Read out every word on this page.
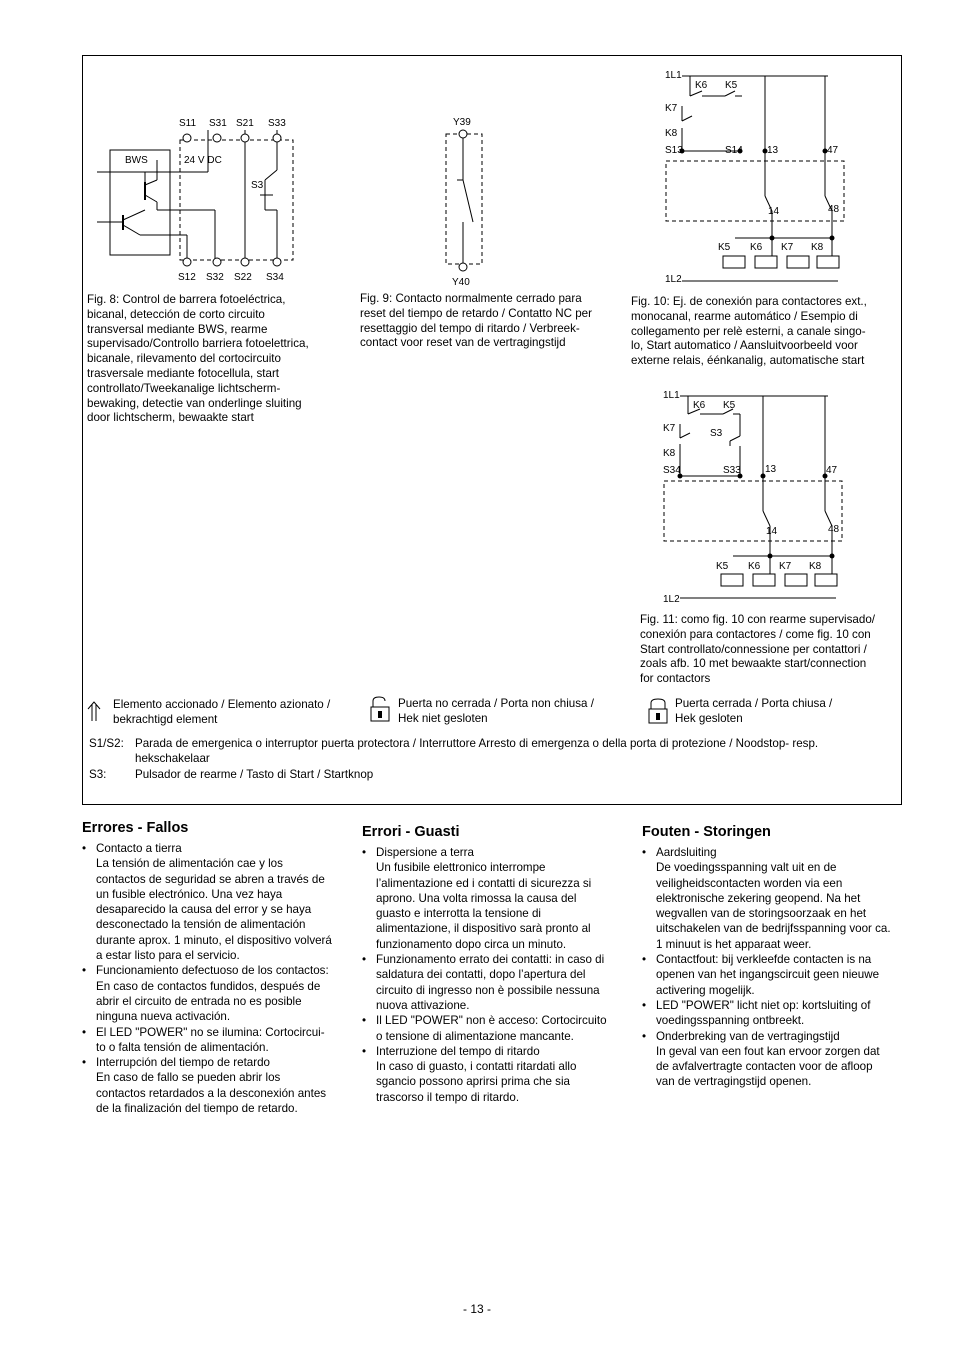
S11 S31 S21 S33
S12 S32 S22 S34
BWS	24 V DC
S3
Y39
Y40
1L1
1L2
K6 K5
K7
K8
S13	S14 13	47
14	48
K5 K6 K7 K8
1L1
1L2
K6 K5
S3
K7
K8
S34	S33 13	47
14	48
K5 K6 K7 K8
Fig. 8: Control de barrera fotoeléctrica,
bicanal, detección de corto circuito
transversal mediante BWS, rearme
supervisado/Controllo barriera fotoelettrica,
bicanale, rilevamento del cortocircuito
trasversale mediante fotocellula, start
controllato/Tweekanalige lichtscherm-
bewaking, detectie van onderlinge sluiting
door lichtscherm, bewaakte start
Fig. 9: Contacto normalmente cerrado para
reset del tiempo de retardo / Contatto NC per
resettaggio del tempo di ritardo / Verbreek-
contact voor reset van de vertragingstijd
Fig. 10: Ej. de conexión para contactores ext.,
monocanal, rearme automático / Esempio di
collegamento per relè esterni, a canale singo-
lo, Start automatico / Aansluitvoorbeeld voor
externe relais, éénkanalig, automatische start
Fig. 11: como fig. 10 con rearme supervisado/
conexión para contactores / come fig. 10 con
Start controllato/connessione per contattori /
zoals afb. 10 met bewaakte start/connection
for contactors
Elemento accionado / Elemento azionato /
bekrachtigd element
Puerta no cerrada / Porta non chiusa /
Hek niet gesloten
Puerta cerrada / Porta chiusa /
Hek gesloten
S1/S2: Parada de emergenica o interruptor puerta protectora / Interruttore Arresto di emergenza o della porta di protezione / Noodstop- resp.
hekschakelaar
S3: Pulsador de rearme / Tasto di Start / Startknop
Errores - Fallos
• Contacto a tierra
La tensión de alimentación cae y los
contactos de seguridad se abren a través de
un fusible electrónico. Una vez haya
desaparecido la causa del error y se haya
desconectado la tensión de alimentación
durante aprox. 1 minuto, el dispositivo volverá
a estar listo para el servicio.
• Funcionamiento defectuoso de los contactos:
En caso de contactos fundidos, después de
abrir el circuito de entrada no es posible
ninguna nueva activación.
• El LED "POWER" no se ilumina: Cortocircui-
to o falta tensión de alimentación.
• Interrupción del tiempo de retardo
En caso de fallo se pueden abrir los
contactos retardados a la desconexión antes
de la finalización del tiempo de retardo.
Errori - Guasti
• Dispersione a terra
Un fusibile elettronico interrompe
l’alimentazione ed i contatti di sicurezza si
aprono. Una volta rimossa la causa del
guasto e interrotta la tensione di
alimentazione, il dispositivo sarà pronto al
funzionamento dopo circa un minuto.
• Funzionamento errato dei contatti: in caso di
saldatura dei contatti, dopo l’apertura del
circuito di ingresso non è possibile nessuna
nuova attivazione.
• Il LED "POWER" non è acceso: Cortocircuito
o tensione di alimentazione mancante.
• Interruzione del tempo di ritardo
In caso di guasto, i contatti ritardati allo
sgancio possono aprirsi prima che sia
trascorso il tempo di ritardo.
Fouten - Storingen
• Aardsluiting
De voedingsspanning valt uit en de
veiligheidscontacten worden via een
elektronische zekering geopend. Na het
wegvallen van de storingsoorzaak en het
uitschakelen van de bedrijfsspanning voor ca.
1 minuut is het apparaat weer.
• Contactfout: bij verkleefde contacten is na
openen van het ingangscircuit geen nieuwe
activering mogelijk.
• LED "POWER" licht niet op: kortsluiting of
voedingsspanning ontbreekt.
• Onderbreking van de vertragingstijd
In geval van een fout kan ervoor zorgen dat
de avfalvertragte contacten voor de afloop
van de vertragingstijd openen.
- 13 -
